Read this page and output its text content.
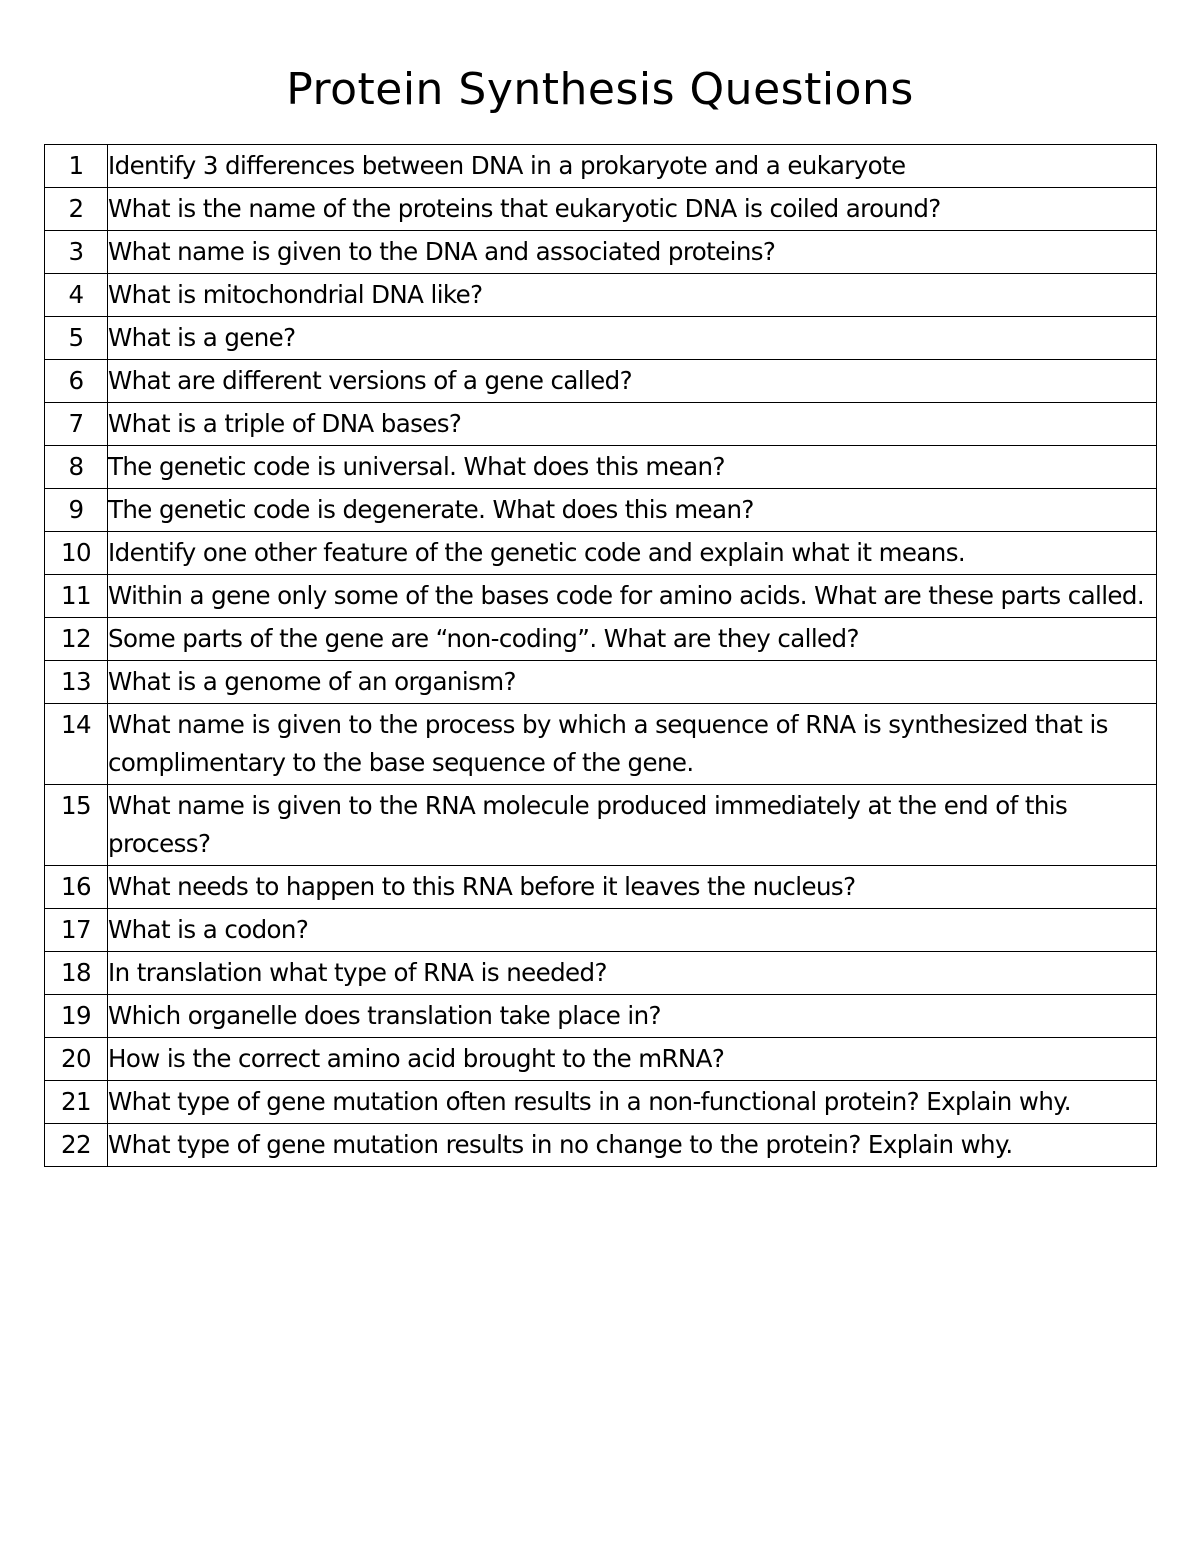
Protein Synthesis Questions
1	Identify 3 differences between DNA in a prokaryote and a eukaryote
2	What is the name of the proteins that eukaryotic DNA is coiled around?
3	What name is given to the DNA and associated proteins?
4	What is mitochondrial DNA like?
5	What is a gene?
6	What are different versions of a gene called?
7	What is a triple of DNA bases?
8	The genetic code is universal. What does this mean?
9	The genetic code is degenerate. What does this mean?
10	Identify one other feature of the genetic code and explain what it means.
11	Within a gene only some of the bases code for amino acids. What are these parts called.
12	Some parts of the gene are “non-coding”. What are they called?
13	What is a genome of an organism?
14	What name is given to the process by which a sequence of RNA is synthesized that is complimentary to the base sequence of the gene.
15	What name is given to the RNA molecule produced immediately at the end of this process?
16	What needs to happen to this RNA before it leaves the nucleus?
17	What is a codon?
18	In translation what type of RNA is needed?
19	Which organelle does translation take place in?
20	How is the correct amino acid brought to the mRNA?
21	What type of gene mutation often results in a non-functional protein? Explain why.
22	What type of gene mutation results in no change to the protein? Explain why.
